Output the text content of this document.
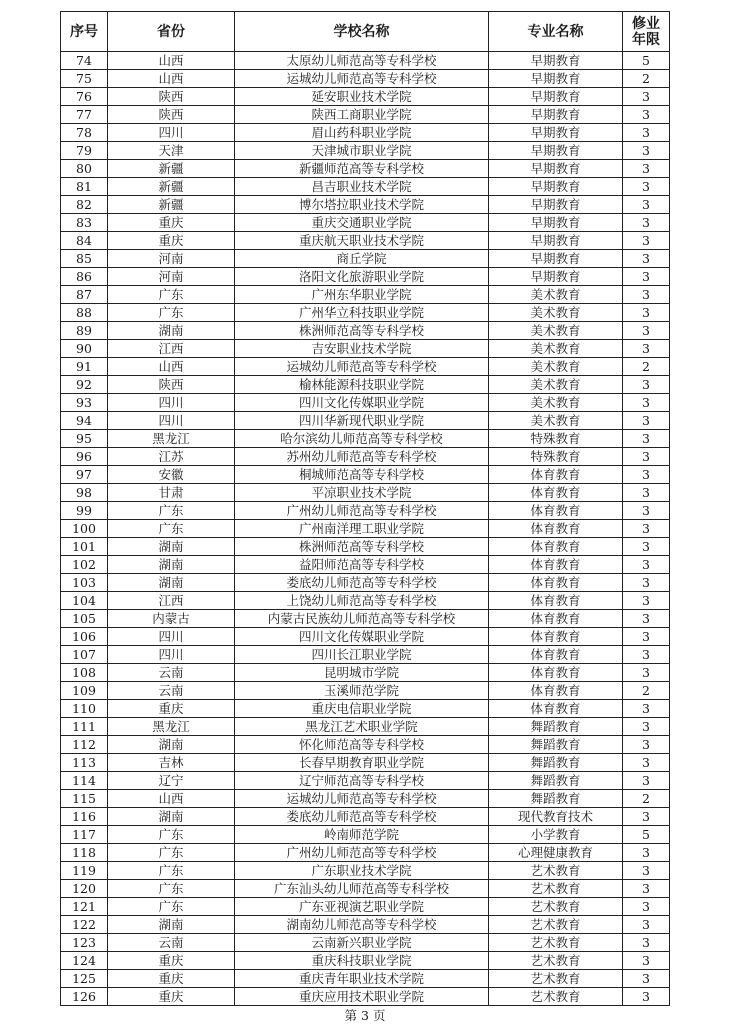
序号	省份	学校名称	专业名称	修业
年限

74	山西	太原幼儿师范高等专科学校	早期教育	5
75	山西	运城幼儿师范高等专科学校	早期教育	2
76	陕西	延安职业技术学院	早期教育	3
77	陕西	陕西工商职业学院	早期教育	3
78	四川	眉山药科职业学院	早期教育	3
79	天津	天津城市职业学院	早期教育	3
80	新疆	新疆师范高等专科学校	早期教育	3
81	新疆	昌吉职业技术学院	早期教育	3
82	新疆	博尔塔拉职业技术学院	早期教育	3
83	重庆	重庆交通职业学院	早期教育	3
84	重庆	重庆航天职业技术学院	早期教育	3
85	河南	商丘学院	早期教育	3
86	河南	洛阳文化旅游职业学院	早期教育	3
87	广东	广州东华职业学院	美术教育	3
88	广东	广州华立科技职业学院	美术教育	3
89	湖南	株洲师范高等专科学校	美术教育	3
90	江西	吉安职业技术学院	美术教育	3
91	山西	运城幼儿师范高等专科学校	美术教育	2
92	陕西	榆林能源科技职业学院	美术教育	3
93	四川	四川文化传媒职业学院	美术教育	3
94	四川	四川华新现代职业学院	美术教育	3
95	黑龙江	哈尔滨幼儿师范高等专科学校	特殊教育	3
96	江苏	苏州幼儿师范高等专科学校	特殊教育	3
97	安徽	桐城师范高等专科学校	体育教育	3
98	甘肃	平凉职业技术学院	体育教育	3
99	广东	广州幼儿师范高等专科学校	体育教育	3
100	广东	广州南洋理工职业学院	体育教育	3
101	湖南	株洲师范高等专科学校	体育教育	3
102	湖南	益阳师范高等专科学校	体育教育	3
103	湖南	娄底幼儿师范高等专科学校	体育教育	3
104	江西	上饶幼儿师范高等专科学校	体育教育	3
105	内蒙古	内蒙古民族幼儿师范高等专科学校	体育教育	3
106	四川	四川文化传媒职业学院	体育教育	3
107	四川	四川长江职业学院	体育教育	3
108	云南	昆明城市学院	体育教育	3
109	云南	玉溪师范学院	体育教育	2
110	重庆	重庆电信职业学院	体育教育	3
111	黑龙江	黑龙江艺术职业学院	舞蹈教育	3
112	湖南	怀化师范高等专科学校	舞蹈教育	3
113	吉林	长春早期教育职业学院	舞蹈教育	3
114	辽宁	辽宁师范高等专科学校	舞蹈教育	3
115	山西	运城幼儿师范高等专科学校	舞蹈教育	2
116	湖南	娄底幼儿师范高等专科学校	现代教育技术	3
117	广东	岭南师范学院	小学教育	5
118	广东	广州幼儿师范高等专科学校	心理健康教育	3
119	广东	广东职业技术学院	艺术教育	3
120	广东	广东汕头幼儿师范高等专科学校	艺术教育	3
121	广东	广东亚视演艺职业学院	艺术教育	3
122	湖南	湖南幼儿师范高等专科学校	艺术教育	3
123	云南	云南新兴职业学院	艺术教育	3
124	重庆	重庆科技职业学院	艺术教育	3
125	重庆	重庆青年职业技术学院	艺术教育	3
126	重庆	重庆应用技术职业学院	艺术教育	3
第 3 页
